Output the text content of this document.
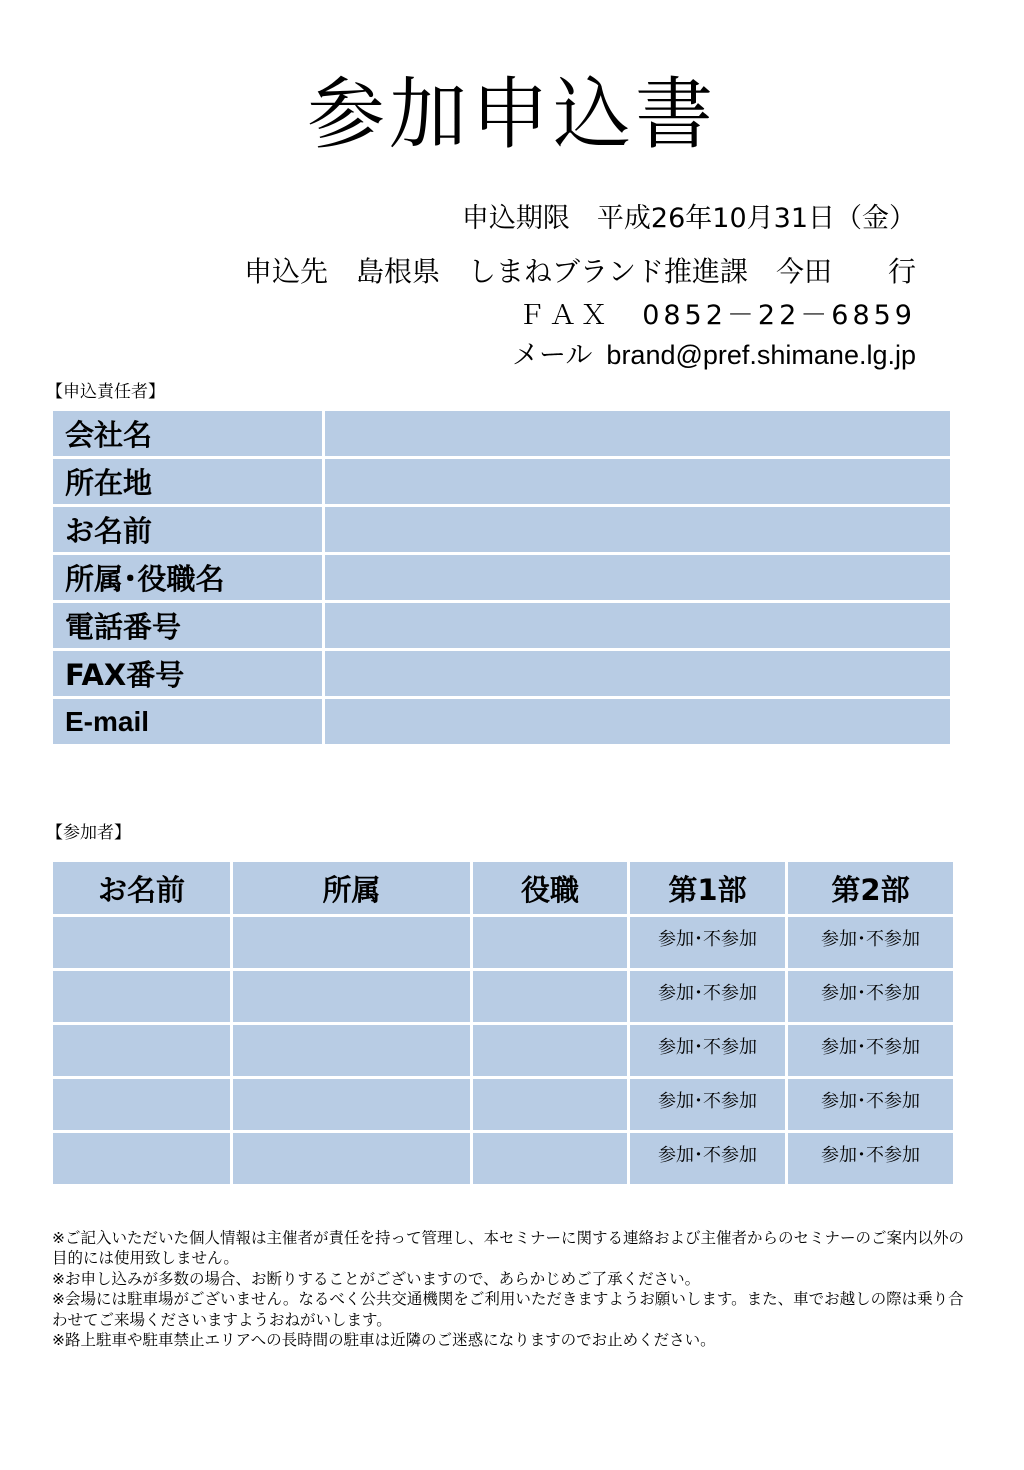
参加申込書
申込期限　平成26年10月31日（金）
申込先　島根県　しまねブランド推進課　今田　　行
ＦＡＸ　0852－22－6859
メール brand@pref.shimane.lg.jp
【申込責任者】
会社名	
所在地	
お名前	
所属･役職名	
電話番号	
FAX番号	
E-mail	
【参加者】
お名前	所属	役職	第1部	第2部
			参加･不参加	参加･不参加
			参加･不参加	参加･不参加
			参加･不参加	参加･不参加
			参加･不参加	参加･不参加
			参加･不参加	参加･不参加

※ご記入いただいた個人情報は主催者が責任を持って管理し、本セミナーに関する連絡および主催者からのセミナーのご案内以外の目的には使用致しません。

※お申し込みが多数の場合、お断りすることがございますので、あらかじめご了承ください。

※会場には駐車場がございません。なるべく公共交通機関をご利用いただきますようお願いします。また、車でお越しの際は乗り合わせてご来場くださいますようおねがいします。

※路上駐車や駐車禁止エリアへの長時間の駐車は近隣のご迷惑になりますのでお止めください。
